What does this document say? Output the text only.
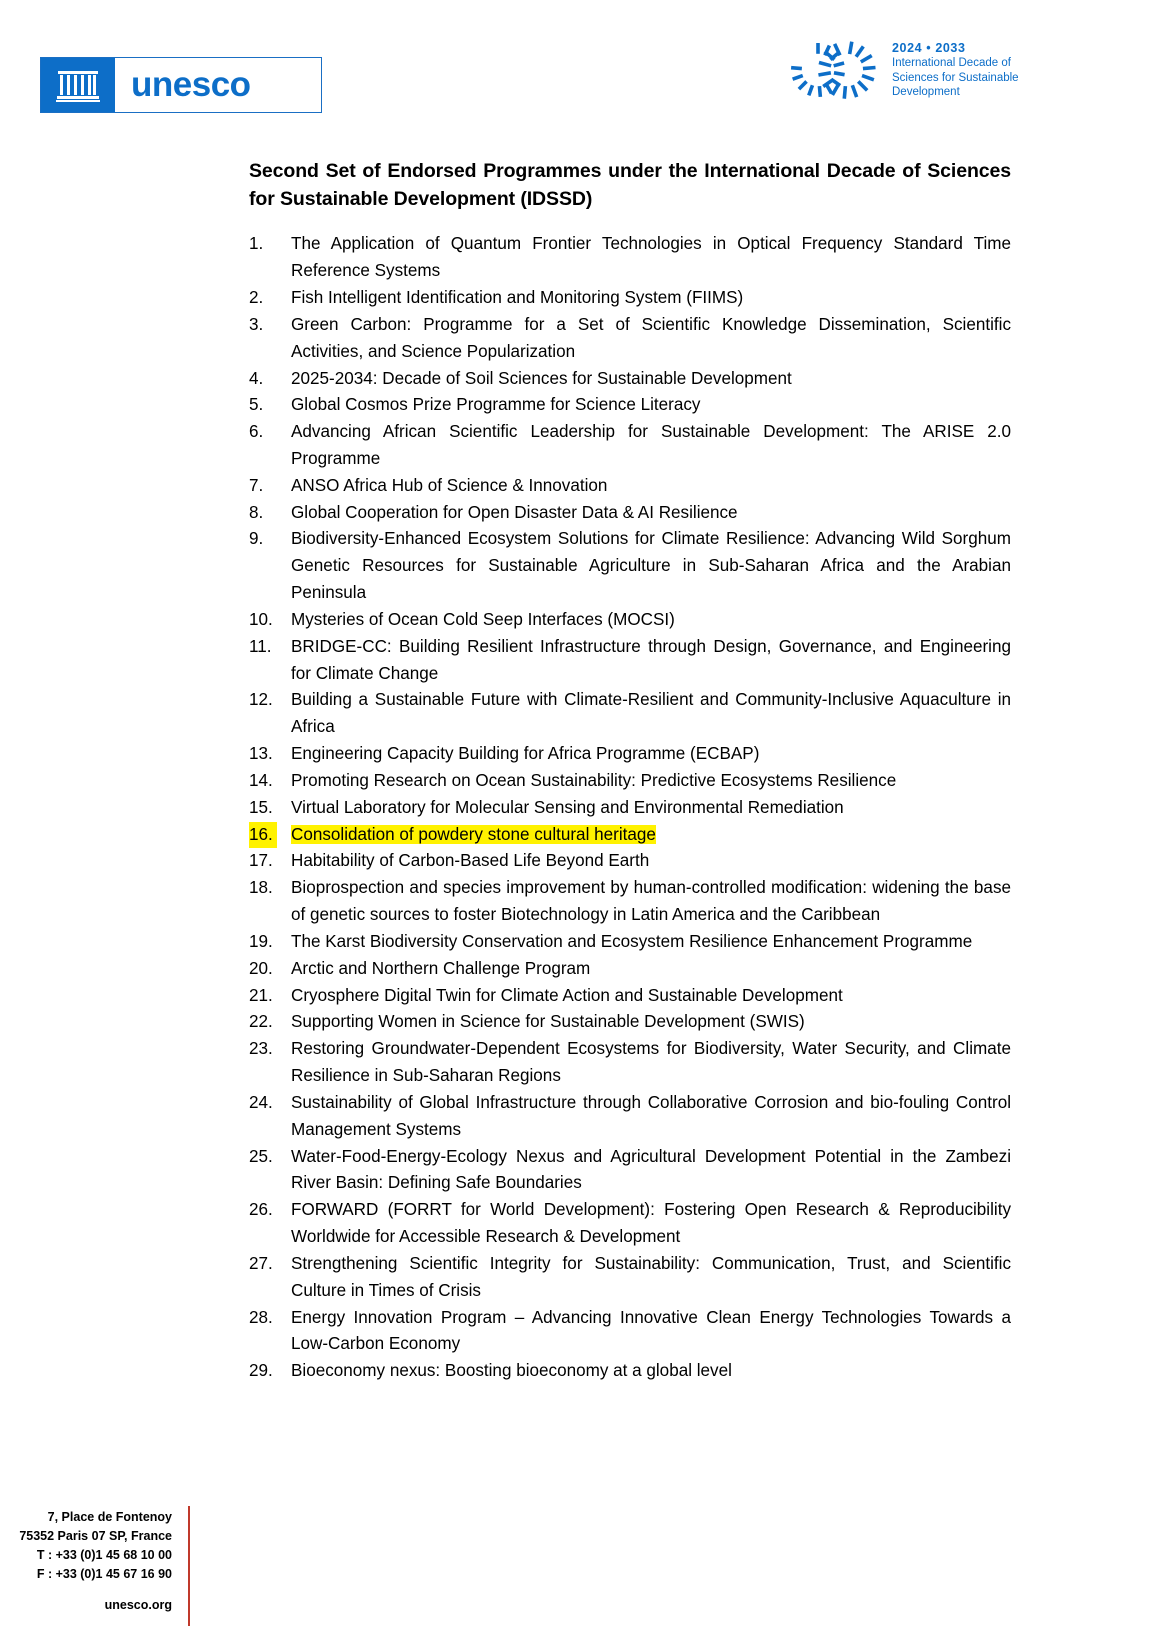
unesco
2024 • 2033
International Decade of
Sciences for Sustainable
Development
Second Set of Endorsed Programmes under the International Decade of Sciences for Sustainable Development (IDSSD)
The Application of Quantum Frontier Technologies in Optical Frequency Standard Time Reference Systems
Fish Intelligent Identification and Monitoring System (FIIMS)
Green Carbon: Programme for a Set of Scientific Knowledge Dissemination, Scientific Activities, and Science Popularization
2025-2034: Decade of Soil Sciences for Sustainable Development
Global Cosmos Prize Programme for Science Literacy
Advancing African Scientific Leadership for Sustainable Development: The ARISE 2.0 Programme
ANSO Africa Hub of Science & Innovation
Global Cooperation for Open Disaster Data & AI Resilience
Biodiversity-Enhanced Ecosystem Solutions for Climate Resilience: Advancing Wild Sorghum Genetic Resources for Sustainable Agriculture in Sub-Saharan Africa and the Arabian Peninsula
Mysteries of Ocean Cold Seep Interfaces (MOCSI)
BRIDGE-CC: Building Resilient Infrastructure through Design, Governance, and Engineering for Climate Change
Building a Sustainable Future with Climate-Resilient and Community-Inclusive Aquaculture in Africa
Engineering Capacity Building for Africa Programme (ECBAP)
Promoting Research on Ocean Sustainability: Predictive Ecosystems Resilience
Virtual Laboratory for Molecular Sensing and Environmental Remediation
Consolidation of powdery stone cultural heritage
Habitability of Carbon-Based Life Beyond Earth
Bioprospection and species improvement by human-controlled modification: widening the base of genetic sources to foster Biotechnology in Latin America and the Caribbean
The Karst Biodiversity Conservation and Ecosystem Resilience Enhancement Programme
Arctic and Northern Challenge Program
Cryosphere Digital Twin for Climate Action and Sustainable Development
Supporting Women in Science for Sustainable Development (SWIS)
Restoring Groundwater-Dependent Ecosystems for Biodiversity, Water Security, and Climate Resilience in Sub-Saharan Regions
Sustainability of Global Infrastructure through Collaborative Corrosion and bio-fouling Control Management Systems
Water-Food-Energy-Ecology Nexus and Agricultural Development Potential in the Zambezi River Basin: Defining Safe Boundaries
FORWARD (FORRT for World Development): Fostering Open Research & Reproducibility Worldwide for Accessible Research & Development
Strengthening Scientific Integrity for Sustainability: Communication, Trust, and Scientific Culture in Times of Crisis
Energy Innovation Program – Advancing Innovative Clean Energy Technologies Towards a Low-Carbon Economy
Bioeconomy nexus: Boosting bioeconomy at a global level
7, Place de Fontenoy
75352 Paris 07 SP, France
T : +33 (0)1 45 68 10 00
F : +33 (0)1 45 67 16 90
unesco.org
